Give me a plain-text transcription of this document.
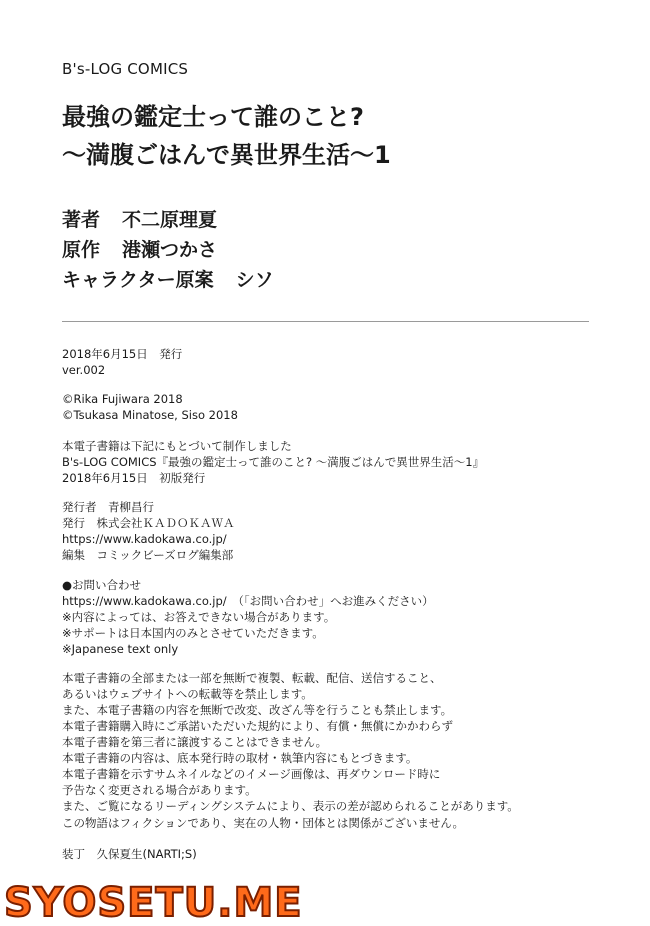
B's-LOG COMICS
最強の鑑定士って誰のこと?
〜満腹ごはんで異世界生活〜1
著者 不二原理夏
原作 港瀬つかさ
キャラクター原案 シソ
2018年6月15日　発行
ver.002
©Rika Fujiwara 2018
©Tsukasa Minatose, Siso 2018
本電子書籍は下記にもとづいて制作しました
B's-LOG COMICS『最強の鑑定士って誰のこと? 〜満腹ごはんで異世界生活〜1』
2018年6月15日　初版発行
発行者　青柳昌行
発行　株式会社ＫＡＤＯＫＡＷＡ
https://www.kadokawa.co.jp/
編集　コミックビーズログ編集部
●お問い合わせ
https://www.kadokawa.co.jp/　（「お問い合わせ」へお進みください）
※内容によっては、お答えできない場合があります。
※サポートは日本国内のみとさせていただきます。
※Japanese text only
本電子書籍の全部または一部を無断で複製、転載、配信、送信すること、
あるいはウェブサイトへの転載等を禁止します。
また、本電子書籍の内容を無断で改変、改ざん等を行うことも禁止します。
本電子書籍購入時にご承諾いただいた規約により、有償・無償にかかわらず
本電子書籍を第三者に譲渡することはできません。
本電子書籍の内容は、底本発行時の取材・執筆内容にもとづきます。
本電子書籍を示すサムネイルなどのイメージ画像は、再ダウンロード時に
予告なく変更される場合があります。
また、ご覧になるリーディングシステムにより、表示の差が認められることがあります。
この物語はフィクションであり、実在の人物・団体とは関係がございません。
装丁　久保夏生(NARTI;S)
SYOSETU.ME
